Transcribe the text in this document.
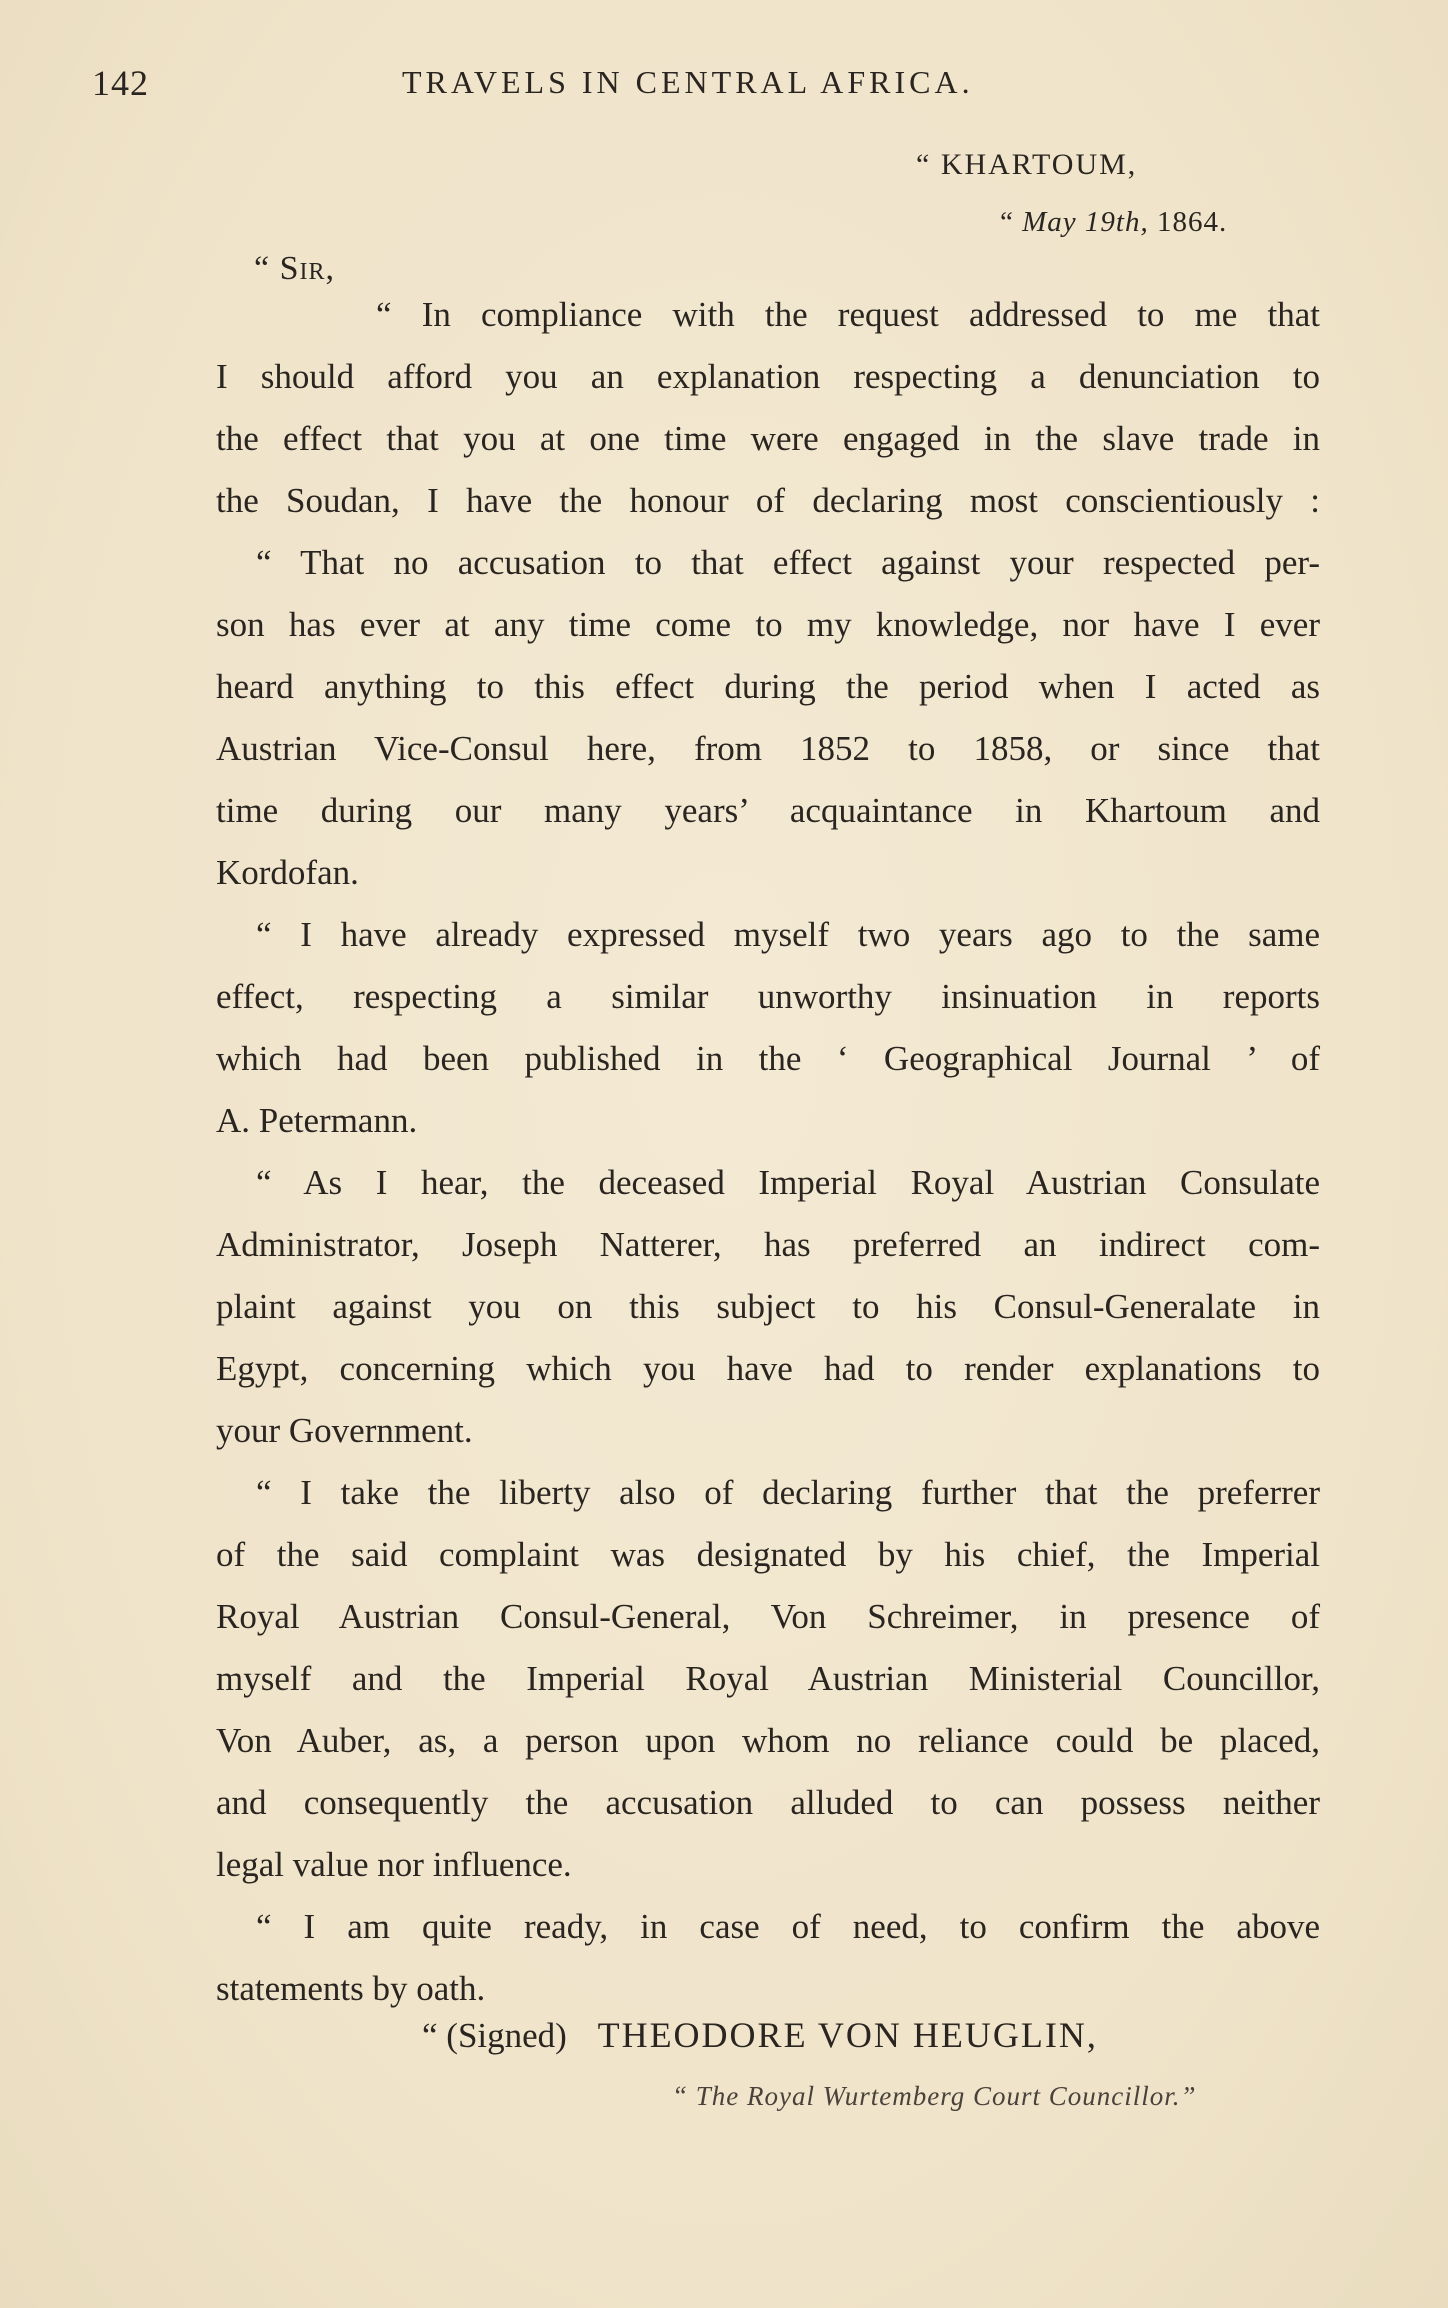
142	TRAVELS IN CENTRAL AFRICA.
“ KHARTOUM,
“ May 19th, 1864.
“ Sir,
“ In compliance with the request addressed to me that
I should afford you an explanation respecting a denunciation to
the effect that you at one time were engaged in the slave trade in
the Soudan, I have the honour of declaring most conscientiously :
“ That no accusation to that effect against your respected per-
son has ever at any time come to my knowledge, nor have I ever
heard anything to this effect during the period when I acted as
Austrian Vice-Consul here, from 1852 to 1858, or since that
time during our many years’ acquaintance in Khartoum and
Kordofan.
“ I have already expressed myself two years ago to the same
effect, respecting a similar unworthy insinuation in reports
which had been published in the ‘ Geographical Journal ’ of
A. Petermann.
“ As I hear, the deceased Imperial Royal Austrian Consulate
Administrator, Joseph Natterer, has preferred an indirect com-
plaint against you on this subject to his Consul-Generalate in
Egypt, concerning which you have had to render explanations to
your Government.
“ I take the liberty also of declaring further that the preferrer
of the said complaint was designated by his chief, the Imperial
Royal Austrian Consul-General, Von Schreimer, in presence of
myself and the Imperial Royal Austrian Ministerial Councillor,
Von Auber, as, a person upon whom no reliance could be placed,
and consequently the accusation alluded to can possess neither
legal value nor influence.
“ I am quite ready, in case of need, to confirm the above
statements by oath.
“ (Signed) THEODORE VON HEUGLIN,
“ The Royal Wurtemberg Court Councillor.”
